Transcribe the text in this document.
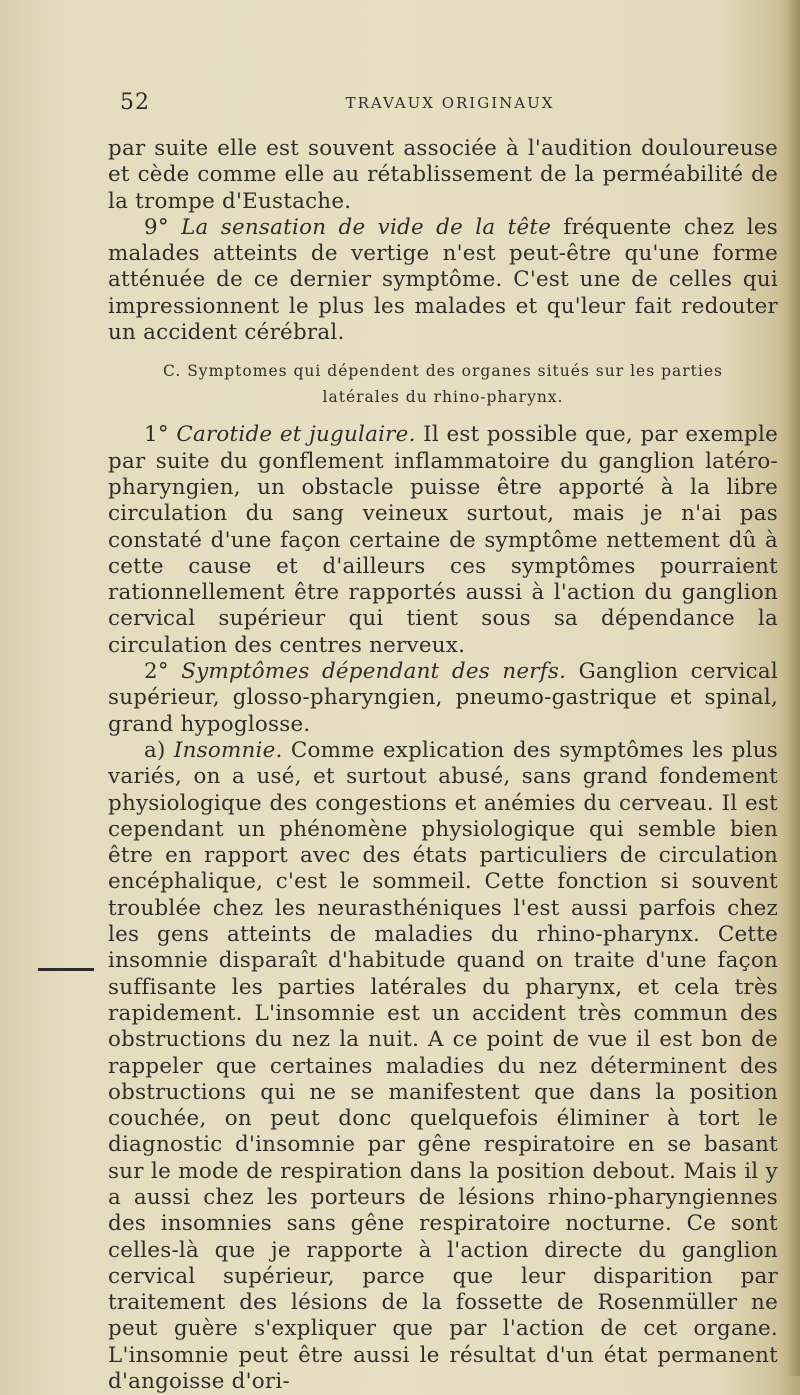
52	TRAVAUX ORIGINAUX

par suite elle est souvent associée à l'audition douloureuse et cède comme elle au rétablissement de la perméabilité de la trompe d'Eustache.

9° La sensation de vide de la tête fréquente chez les malades atteints de vertige n'est peut-être qu'une forme atténuée de ce dernier symptôme. C'est une de celles qui impressionnent le plus les malades et qu'leur fait redouter un accident cérébral.

C. Symptomes qui dépendent des organes situés sur les parties
latérales du rhino-pharynx.

1° Carotide et jugulaire. Il est possible que, par exemple par suite du gonflement inflammatoire du ganglion latéro-pharyngien, un obstacle puisse être apporté à la libre circulation du sang veineux surtout, mais je n'ai pas constaté d'une façon certaine de symptôme nettement dû à cette cause et d'ailleurs ces symptômes pourraient rationnellement être rapportés aussi à l'action du ganglion cervical supérieur qui tient sous sa dépendance la circulation des centres nerveux.

2° Symptômes dépendant des nerfs. Ganglion cervical supérieur, glosso-pharyngien, pneumo-gastrique et spinal, grand hypoglosse.

a) Insomnie. Comme explication des symptômes les plus variés, on a usé, et surtout abusé, sans grand fondement physiologique des congestions et anémies du cerveau. Il est cependant un phénomène physiologique qui semble bien être en rapport avec des états particuliers de circulation encéphalique, c'est le sommeil. Cette fonction si souvent troublée chez les neurasthéniques l'est aussi parfois chez les gens atteints de maladies du rhino-pharynx. Cette insomnie disparaît d'habitude quand on traite d'une façon suffisante les parties latérales du pharynx, et cela très rapidement. L'insomnie est un accident très commun des obstructions du nez la nuit. A ce point de vue il est bon de rappeler que certaines maladies du nez déterminent des obstructions qui ne se manifestent que dans la position couchée, on peut donc quelquefois éliminer à tort le diagnostic d'insomnie par gêne respiratoire en se basant sur le mode de respiration dans la position debout. Mais il y a aussi chez les porteurs de lésions rhino-pharyngiennes des insomnies sans gêne respiratoire nocturne. Ce sont celles-là que je rapporte à l'action directe du ganglion cervical supérieur, parce que leur disparition par traitement des lésions de la fossette de Rosenmüller ne peut guère s'expliquer que par l'action de cet organe. L'insomnie peut être aussi le résultat d'un état permanent d'angoisse d'ori-
